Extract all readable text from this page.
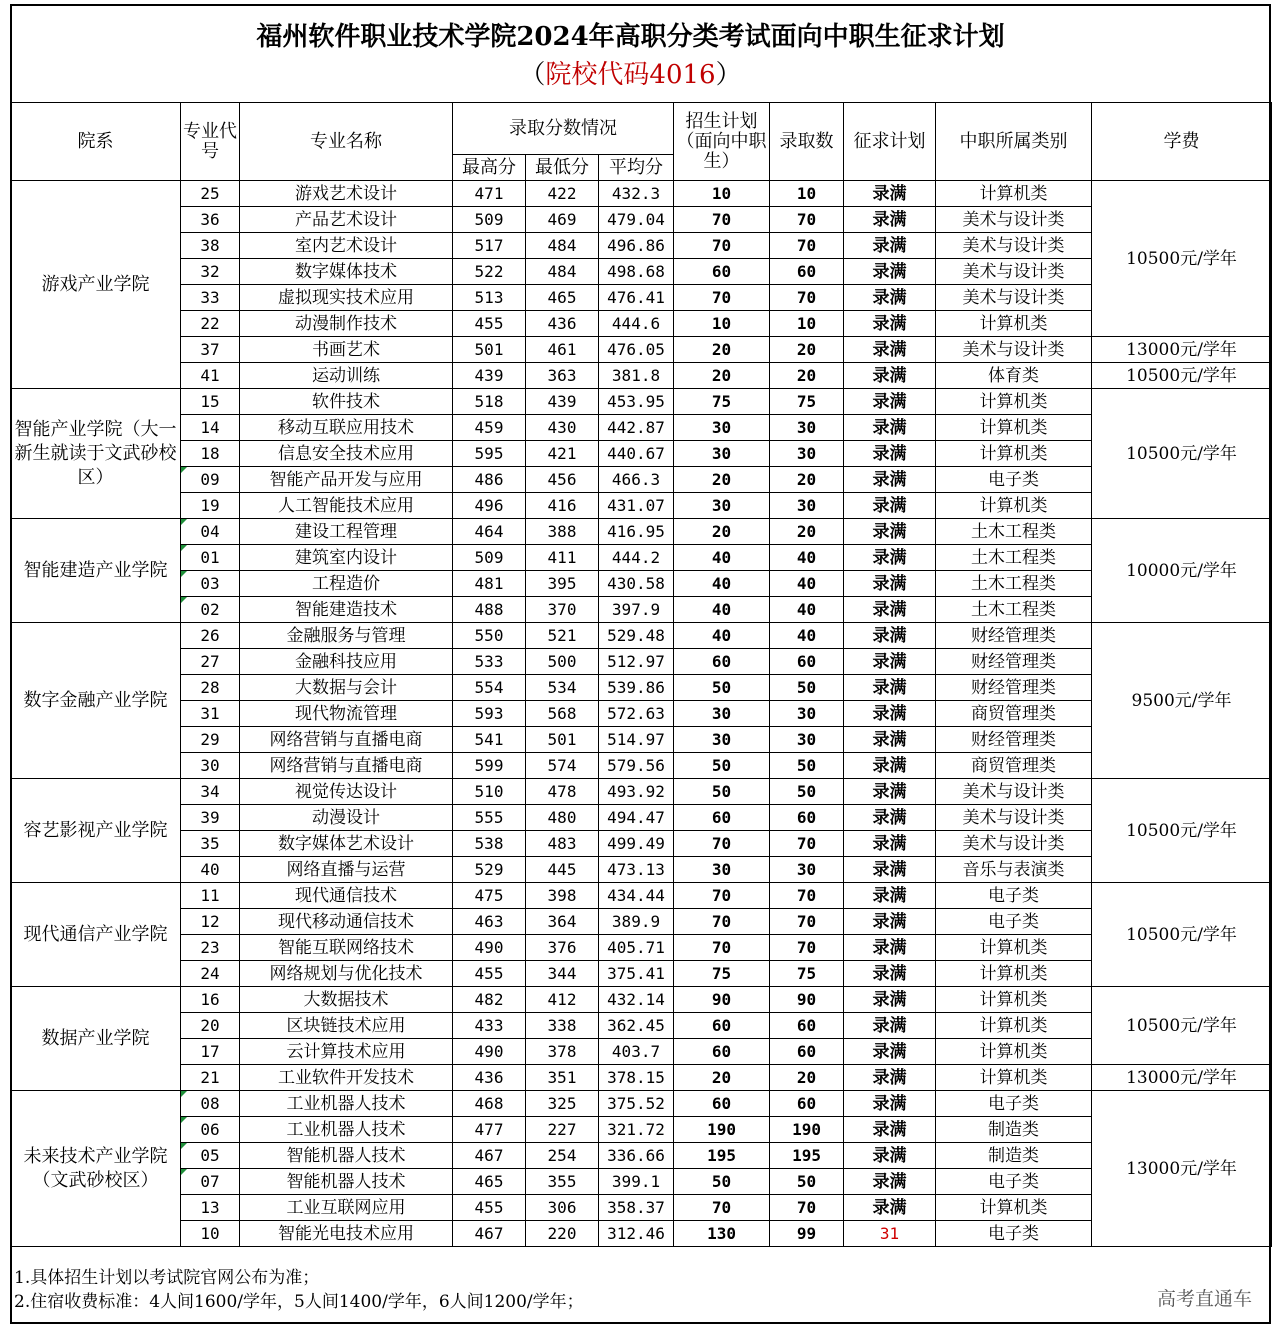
福州软件职业技术学院2024年高职分类考试面向中职生征求计划
（院校代码4016）
院系	专业代号	专业名称	录取分数情况			招生计划（面向中职生）	录取数	征求计划	中职所属类别	学费
			最高分	最低分	平均分					
游戏产业学院	25	游戏艺术设计	471	422	432.3	10	10	录满	计算机类	10500元/学年
	36	产品艺术设计	509	469	479.04	70	70	录满	美术与设计类	
	38	室内艺术设计	517	484	496.86	70	70	录满	美术与设计类	
	32	数字媒体技术	522	484	498.68	60	60	录满	美术与设计类	
	33	虚拟现实技术应用	513	465	476.41	70	70	录满	美术与设计类	
	22	动漫制作技术	455	436	444.6	10	10	录满	计算机类	
	37	书画艺术	501	461	476.05	20	20	录满	美术与设计类	13000元/学年
	41	运动训练	439	363	381.8	20	20	录满	体育类	10500元/学年
智能产业学院（大一新生就读于文武砂校区）	15	软件技术	518	439	453.95	75	75	录满	计算机类	10500元/学年
	14	移动互联应用技术	459	430	442.87	30	30	录满	计算机类	
	18	信息安全技术应用	595	421	440.67	30	30	录满	计算机类	
	09	智能产品开发与应用	486	456	466.3	20	20	录满	电子类	
	19	人工智能技术应用	496	416	431.07	30	30	录满	计算机类	
智能建造产业学院	04	建设工程管理	464	388	416.95	20	20	录满	土木工程类	10000元/学年
	01	建筑室内设计	509	411	444.2	40	40	录满	土木工程类	
	03	工程造价	481	395	430.58	40	40	录满	土木工程类	
	02	智能建造技术	488	370	397.9	40	40	录满	土木工程类	
数字金融产业学院	26	金融服务与管理	550	521	529.48	40	40	录满	财经管理类	9500元/学年
	27	金融科技应用	533	500	512.97	60	60	录满	财经管理类	
	28	大数据与会计	554	534	539.86	50	50	录满	财经管理类	
	31	现代物流管理	593	568	572.63	30	30	录满	商贸管理类	
	29	网络营销与直播电商	541	501	514.97	30	30	录满	财经管理类	
	30	网络营销与直播电商	599	574	579.56	50	50	录满	商贸管理类	
容艺影视产业学院	34	视觉传达设计	510	478	493.92	50	50	录满	美术与设计类	10500元/学年
	39	动漫设计	555	480	494.47	60	60	录满	美术与设计类	
	35	数字媒体艺术设计	538	483	499.49	70	70	录满	美术与设计类	
	40	网络直播与运营	529	445	473.13	30	30	录满	音乐与表演类	
现代通信产业学院	11	现代通信技术	475	398	434.44	70	70	录满	电子类	10500元/学年
	12	现代移动通信技术	463	364	389.9	70	70	录满	电子类	
	23	智能互联网络技术	490	376	405.71	70	70	录满	计算机类	
	24	网络规划与优化技术	455	344	375.41	75	75	录满	计算机类	
数据产业学院	16	大数据技术	482	412	432.14	90	90	录满	计算机类	10500元/学年
	20	区块链技术应用	433	338	362.45	60	60	录满	计算机类	
	17	云计算技术应用	490	378	403.7	60	60	录满	计算机类	
	21	工业软件开发技术	436	351	378.15	20	20	录满	计算机类	13000元/学年
未来技术产业学院（文武砂校区）	08	工业机器人技术	468	325	375.52	60	60	录满	电子类	13000元/学年
	06	工业机器人技术	477	227	321.72	190	190	录满	制造类	
	05	智能机器人技术	467	254	336.66	195	195	录满	制造类	
	07	智能机器人技术	465	355	399.1	50	50	录满	电子类	
	13	工业互联网应用	455	306	358.37	70	70	录满	计算机类	
	10	智能光电技术应用	467	220	312.46	130	99	31	电子类	
1.具体招生计划以考试院官网公布为准；
2.住宿收费标准：4人间1600/学年，5人间1400/学年，6人间1200/学年；	高考直通车
